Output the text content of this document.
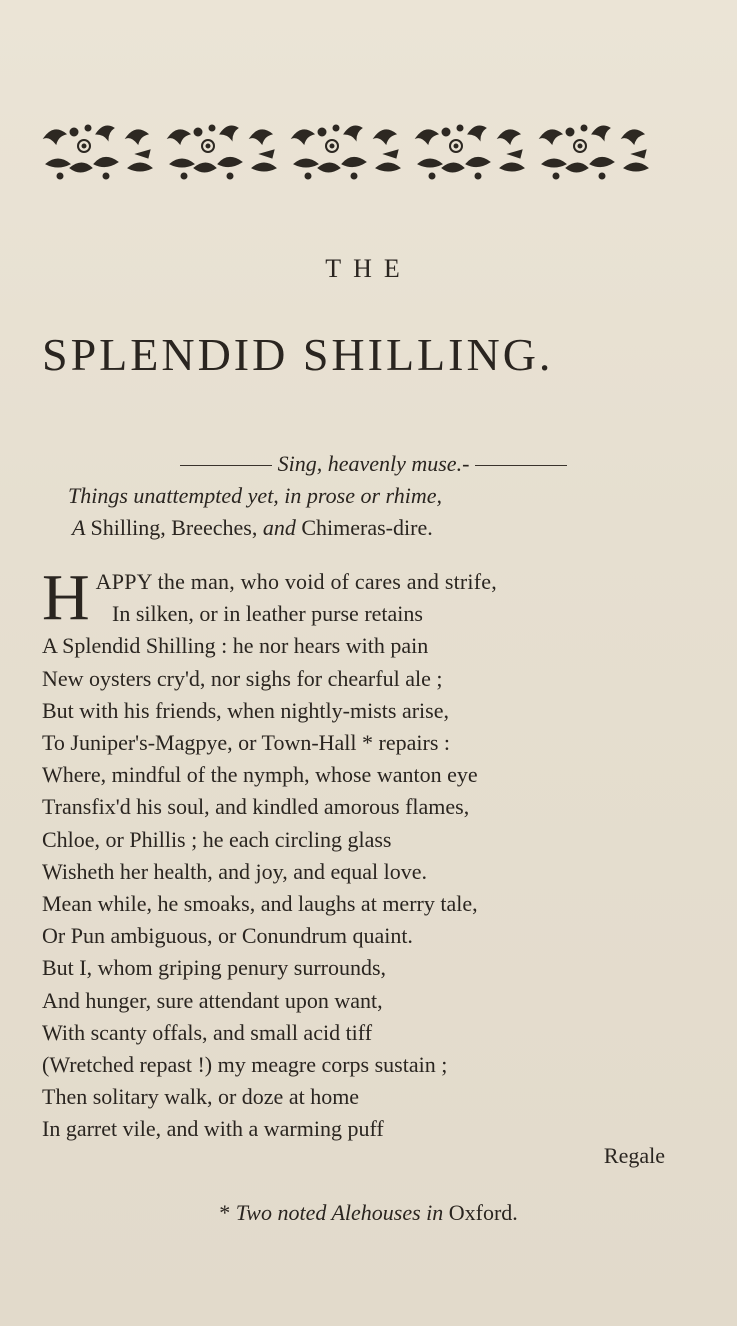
THE
SPLENDID SHILLING.
Sing, heavenly muse.-
Things unattempted yet, in prose or rhime,
A Shilling, Breeches, and Chimeras-dire.
HAPPY the man, who void of cares and strife,
In silken, or in leather purse retains
A Splendid Shilling : he nor hears with pain
New oysters cry'd, nor sighs for chearful ale ;
But with his friends, when nightly-mists arise,
To Juniper's-Magpye, or Town-Hall * repairs :
Where, mindful of the nymph, whose wanton eye
Transfix'd his soul, and kindled amorous flames,
Chloe, or Phillis ; he each circling glass
Wisheth her health, and joy, and equal love.
Mean while, he smoaks, and laughs at merry tale,
Or Pun ambiguous, or Conundrum quaint.
But I, whom griping penury surrounds,
And hunger, sure attendant upon want,
With scanty offals, and small acid tiff
(Wretched repast !) my meagre corps sustain ;
Then solitary walk, or doze at home
In garret vile, and with a warming puff
Regale
* Two noted Alehouses in Oxford.
